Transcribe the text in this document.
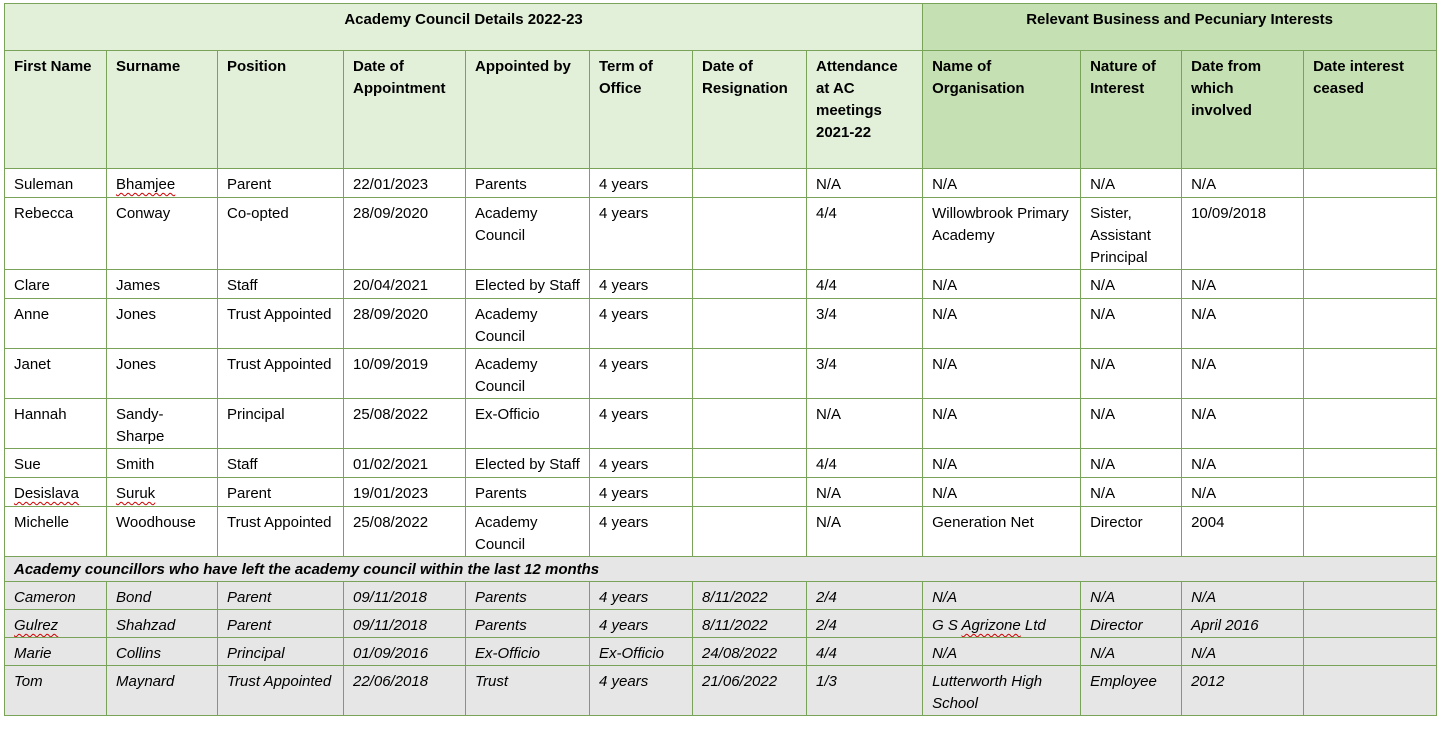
Academy Council Details 2022-23								Relevant Business and Pecuniary Interests			
First Name	Surname	Position	Date of Appointment	Appointed by	Term of Office	Date of Resignation	Attendance at AC meetings 2021-22	Name of Organisation	Nature of Interest	Date from which involved	Date interest ceased
Suleman	Bhamjee	Parent	22/01/2023	Parents	4 years		N/A	N/A	N/A	N/A	
Rebecca	Conway	Co-opted	28/09/2020	Academy Council	4 years		4/4	Willowbrook Primary Academy	Sister, Assistant Principal	10/09/2018	
Clare	James	Staff	20/04/2021	Elected by Staff	4 years		4/4	N/A	N/A	N/A	
Anne	Jones	Trust Appointed	28/09/2020	Academy Council	4 years		3/4	N/A	N/A	N/A	
Janet	Jones	Trust Appointed	10/09/2019	Academy Council	4 years		3/4	N/A	N/A	N/A	
Hannah	Sandy-Sharpe	Principal	25/08/2022	Ex-Officio	4 years		N/A	N/A	N/A	N/A	
Sue	Smith	Staff	01/02/2021	Elected by Staff	4 years		4/4	N/A	N/A	N/A	
Desislava	Suruk	Parent	19/01/2023	Parents	4 years		N/A	N/A	N/A	N/A	
Michelle	Woodhouse	Trust Appointed	25/08/2022	Academy Council	4 years		N/A	Generation Net	Director	2004	
Academy councillors who have left the academy council within the last 12 months											
Cameron	Bond	Parent	09/11/2018	Parents	4 years	8/11/2022	2/4	N/A	N/A	N/A	
Gulrez	Shahzad	Parent	09/11/2018	Parents	4 years	8/11/2022	2/4	G S Agrizone Ltd	Director	April 2016	
Marie	Collins	Principal	01/09/2016	Ex-Officio	Ex-Officio	24/08/2022	4/4	N/A	N/A	N/A	
Tom	Maynard	Trust Appointed	22/06/2018	Trust	4 years	21/06/2022	1/3	Lutterworth High School	Employee	2012	
